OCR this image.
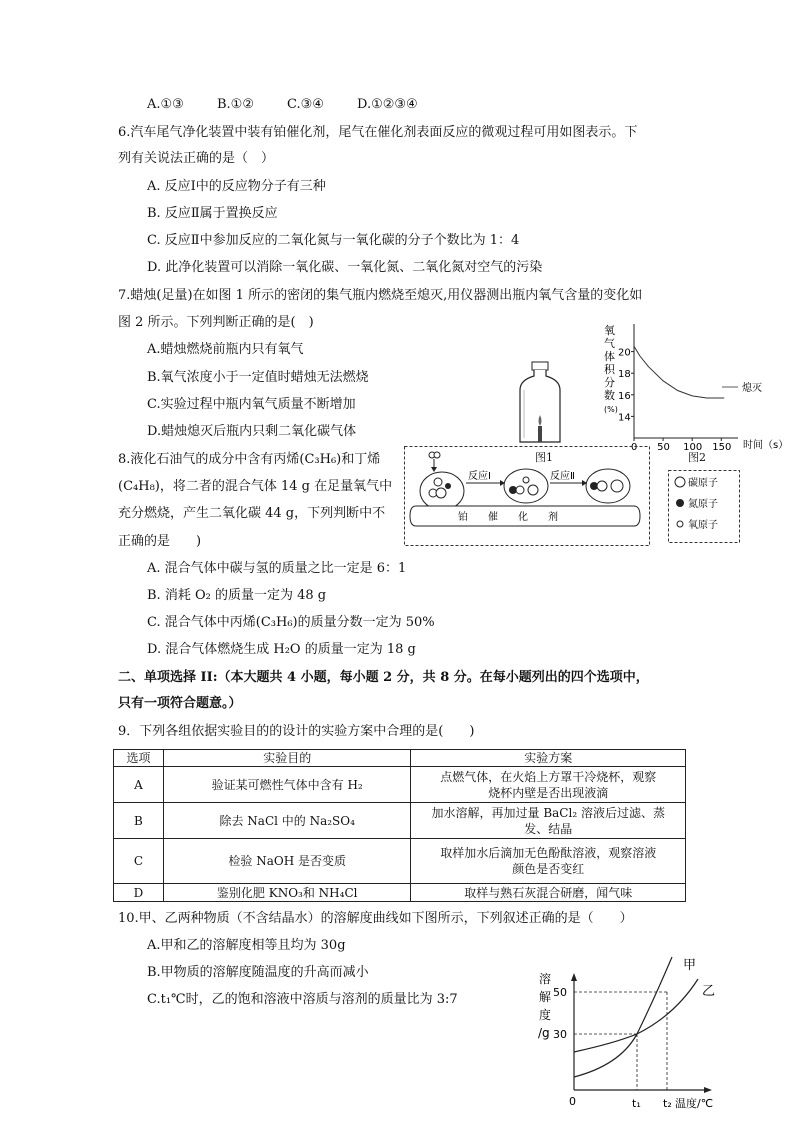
A.①③	B.①②	C.③④	D.①②③④
6.汽车尾气净化装置中装有铂催化剂，尾气在催化剂表面反应的微观过程可用如图表示。下
列有关说法正确的是（　）
A. 反应Ⅰ中的反应物分子有三种
B. 反应Ⅱ属于置换反应
C. 反应Ⅱ中参加反应的二氧化氮与一氧化碳的分子个数比为 1：4
D. 此净化装置可以消除一氧化碳、一氧化氮、二氧化氮对空气的污染
7.蜡烛(足量)在如图 1 所示的密闭的集气瓶内燃烧至熄灭,用仪器测出瓶内氧气含量的变化如
图 2 所示。下列判断正确的是(　)
A.蜡烛燃烧前瓶内只有氧气
B.氧气浓度小于一定值时蜡烛无法燃烧
C.实验过程中瓶内氧气质量不断增加
D.蜡烛熄灭后瓶内只剩二氧化碳气体
图1
氧
气
体
积
分
数
(%)
14
16
18
20
0 50 100 150
熄灭
时间（s）
图2
反应Ⅰ	反应Ⅱ
铂　　催　　化　　剂
碳原子
氮原子
氧原子
8.液化石油气的成分中含有丙烯(C₃H₆)和丁烯
(C₄H₈)，将二者的混合气体 14 g 在足量氧气中
充分燃烧，产生二氧化碳 44 g，下列判断中不
正确的是　　)
A. 混合气体中碳与氢的质量之比一定是 6：1
B. 消耗 O₂ 的质量一定为 48 g
C. 混合气体中丙烯(C₃H₆)的质量分数一定为 50%
D. 混合气体燃烧生成 H₂O 的质量一定为 18 g
二、单项选择 II:（本大题共 4 小题，每小题 2 分，共 8 分。在每小题列出的四个选项中，
只有一项符合题意。）
9．下列各组依据实验目的的设计的实验方案中合理的是(　　)
选项	实验目的	实验方案
A	验证某可燃性气体中含有 H₂	点燃气体，在火焰上方罩干冷烧杯，观察
烧杯内壁是否出现液滴

B	除去 NaCl 中的 Na₂SO₄	加水溶解，再加过量 BaCl₂ 溶液后过滤、蒸
发、结晶

C	检验 NaOH 是否变质	取样加水后滴加无色酚酞溶液，观察溶液
颜色是否变红

D	鉴别化肥 KNO₃和 NH₄Cl	取样与熟石灰混合研磨，闻气味
10.甲、乙两种物质（不含结晶水）的溶解度曲线如下图所示，下列叙述正确的是（　　）
A.甲和乙的溶解度相等且均为 30g
B.甲物质的溶解度随温度的升高而减小
C.t₁℃时，乙的饱和溶液中溶质与溶剂的质量比为 3:7
溶
解
度
/g
甲
乙
50
30
0	t₁ t₂ 温度/℃
